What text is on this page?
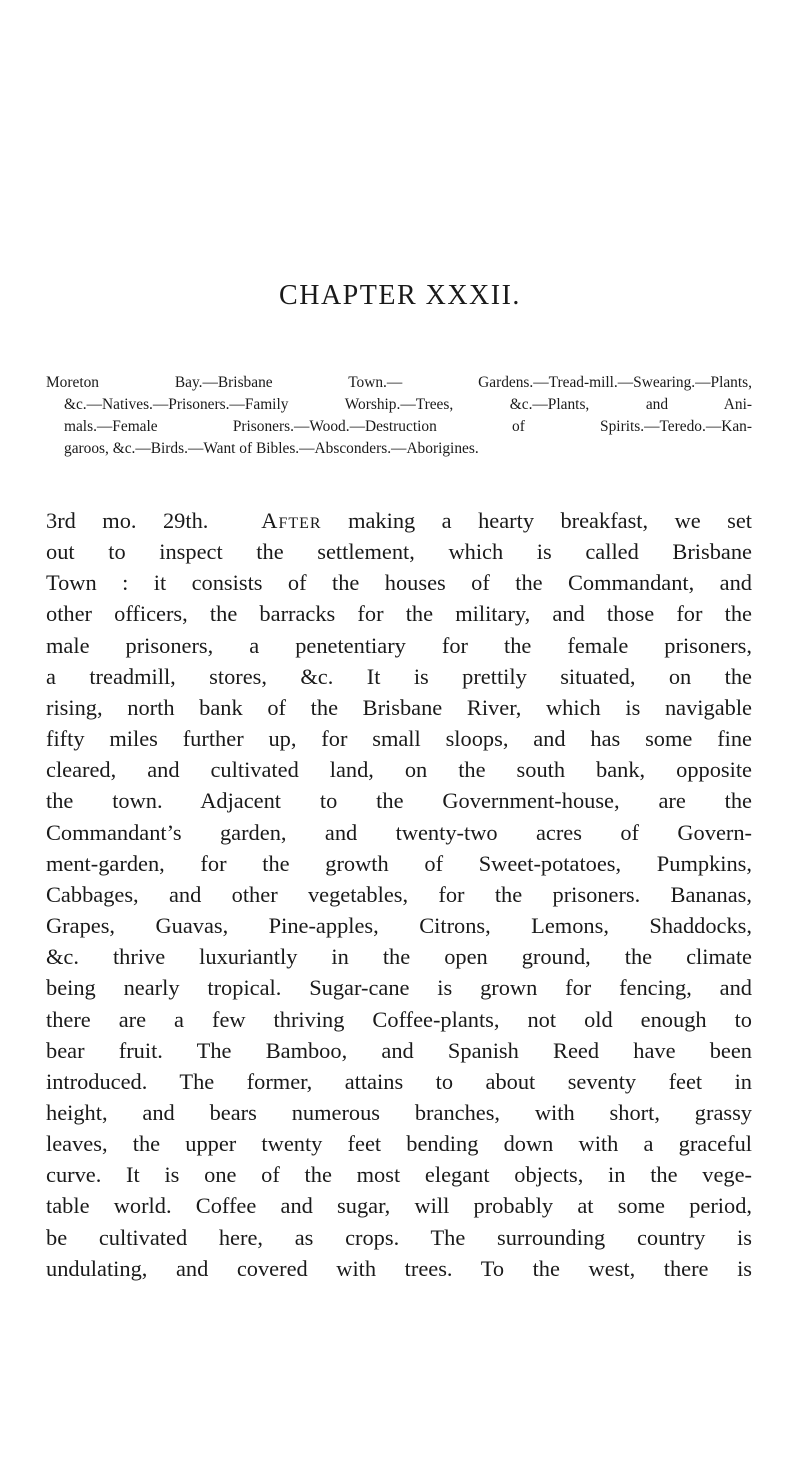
CHAPTER XXXII.
Moreton Bay.—Brisbane Town.— Gardens.—Tread-mill.—Swearing.—Plants,
&c.—Natives.—Prisoners.—Family Worship.—Trees, &c.—Plants, and Ani-
mals.—Female Prisoners.—Wood.—Destruction of Spirits.—Teredo.—Kan-
garoos, &c.—Birds.—Want of Bibles.—Absconders.—Aborigines.
3rd mo. 29th. After making a hearty breakfast, we set
out to inspect the settlement, which is called Brisbane
Town : it consists of the houses of the Commandant, and
other officers, the barracks for the military, and those for the
male prisoners, a penetentiary for the female prisoners,
a treadmill, stores, &c. It is prettily situated, on the
rising, north bank of the Brisbane River, which is navigable
fifty miles further up, for small sloops, and has some fine
cleared, and cultivated land, on the south bank, opposite
the town. Adjacent to the Government-house, are the
Commandant’s garden, and twenty-two acres of Govern-
ment-garden, for the growth of Sweet-potatoes, Pumpkins,
Cabbages, and other vegetables, for the prisoners. Bananas,
Grapes, Guavas, Pine-apples, Citrons, Lemons, Shaddocks,
&c. thrive luxuriantly in the open ground, the climate
being nearly tropical. Sugar-cane is grown for fencing, and
there are a few thriving Coffee-plants, not old enough to
bear fruit. The Bamboo, and Spanish Reed have been
introduced. The former, attains to about seventy feet in
height, and bears numerous branches, with short, grassy
leaves, the upper twenty feet bending down with a graceful
curve. It is one of the most elegant objects, in the vege-
table world. Coffee and sugar, will probably at some period,
be cultivated here, as crops. The surrounding country is
undulating, and covered with trees. To the west, there is
